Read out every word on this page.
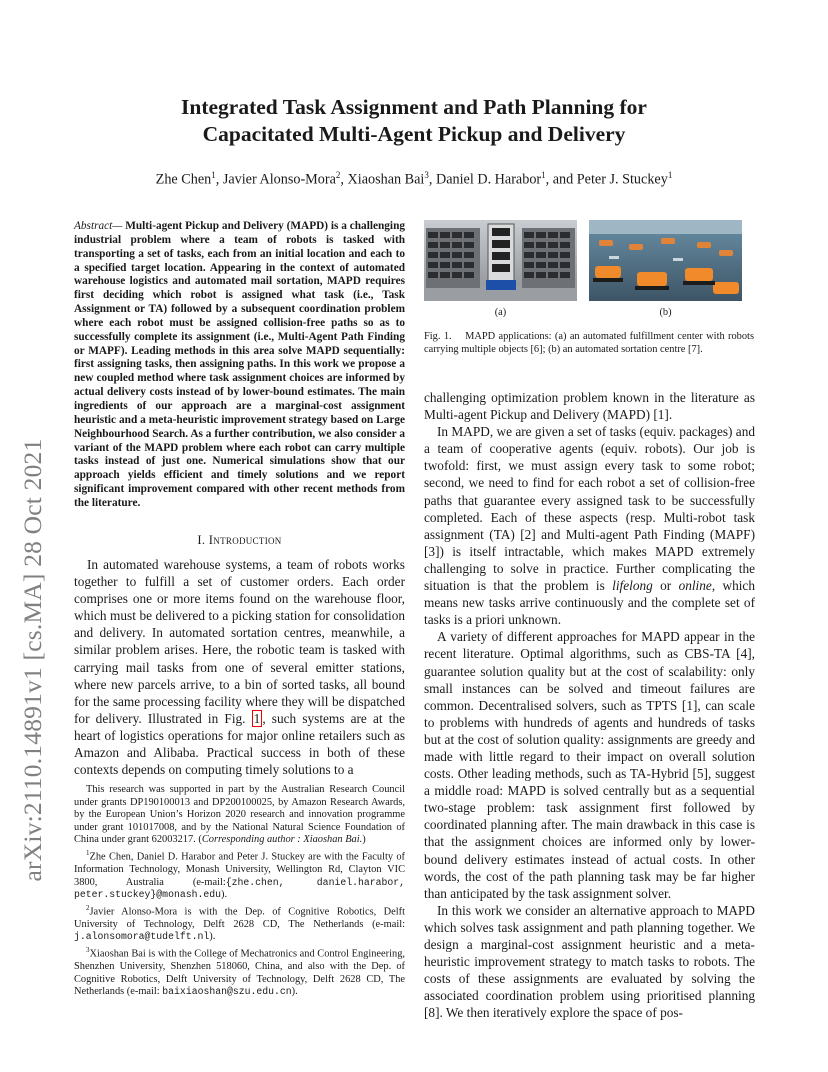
Integrated Task Assignment and Path Planning for
Capacitated Multi-Agent Pickup and Delivery
Zhe Chen$^1$, Javier Alonso-Mora$^2$, Xiaoshan Bai$^3$, Daniel D. Harabor$^1$, and Peter J. Stuckey$^1$
arXiv:2110.14891v1 [cs.MA] 28 Oct 2021
Abstract— Multi-agent Pickup and Delivery (MAPD) is a challenging industrial problem where a team of robots is tasked with transporting a set of tasks, each from an initial location and each to a specified target location. Appearing in the context of automated warehouse logistics and automated mail sortation, MAPD requires first deciding which robot is assigned what task (i.e., Task Assignment or TA) followed by a subsequent coordination problem where each robot must be assigned collision-free paths so as to successfully complete its assignment (i.e., Multi-Agent Path Finding or MAPF). Leading methods in this area solve MAPD sequentially: first assigning tasks, then assigning paths. In this work we propose a new coupled method where task assignment choices are informed by actual delivery costs instead of by lower-bound estimates. The main ingredients of our approach are a marginal-cost assignment heuristic and a meta-heuristic improvement strategy based on Large Neighbourhood Search. As a further contribution, we also consider a variant of the MAPD problem where each robot can carry multiple tasks instead of just one. Numerical simulations show that our approach yields efficient and timely solutions and we report significant improvement compared with other recent methods from the literature.
I. Introduction

In automated warehouse systems, a team of robots works together to fulfill a set of customer orders. Each order comprises one or more items found on the warehouse floor, which must be delivered to a picking station for consolidation and delivery. In automated sortation centres, meanwhile, a similar problem arises. Here, the robotic team is tasked with carrying mail tasks from one of several emitter stations, where new parcels arrive, to a bin of sorted tasks, all bound for the same processing facility where they will be dispatched for delivery. Illustrated in Fig. 1 , such systems are at the heart of logistics operations for major online retailers such as Amazon and Alibaba. Practical success in both of these contexts depends on computing timely solutions to a

This research was supported in part by the Australian Research Council under grants DP190100013 and DP200100025, by Amazon Research Awards, by the European Union’s Horizon 2020 research and innovation programme under grant 101017008, and by the National Natural Science Foundation of China under grant 62003217. (Corresponding author : Xiaoshan Bai.)

$^1$Zhe Chen, Daniel D. Harabor and Peter J. Stuckey are with the Faculty of Information Technology, Monash University, Wellington Rd, Clayton VIC 3800, Australia (e-mail:{zhe.chen, daniel.harabor, peter.stuckey}@monash.edu).

$^2$Javier Alonso-Mora is with the Dep. of Cognitive Robotics, Delft University of Technology, Delft 2628 CD, The Netherlands (e-mail: j.alonsomora@tudelft.nl).

$^3$Xiaoshan Bai is with the College of Mechatronics and Control Engineering, Shenzhen University, Shenzhen 518060, China, and also with the Dep. of Cognitive Robotics, Delft University of Technology, Delft 2628 CD, The Netherlands (e-mail: baixiaoshan@szu.edu.cn).

(a)	(b)
Fig. 1. MAPD applications: (a) an automated fulfillment center with robots carrying multiple objects [6]; (b) an automated sortation centre [7].

challenging optimization problem known in the literature as Multi-agent Pickup and Delivery (MAPD) [1].

In MAPD, we are given a set of tasks (equiv. packages) and a team of cooperative agents (equiv. robots). Our job is twofold: first, we must assign every task to some robot; second, we need to find for each robot a set of collision-free paths that guarantee every assigned task to be successfully completed. Each of these aspects (resp. Multi-robot task assignment (TA) [2] and Multi-agent Path Finding (MAPF) [3]) is itself intractable, which makes MAPD extremely challenging to solve in practice. Further complicating the situation is that the problem is lifelong or online, which means new tasks arrive continuously and the complete set of tasks is a priori unknown.

A variety of different approaches for MAPD appear in the recent literature. Optimal algorithms, such as CBS-TA [4], guarantee solution quality but at the cost of scalability: only small instances can be solved and timeout failures are common. Decentralised solvers, such as TPTS [1], can scale to problems with hundreds of agents and hundreds of tasks but at the cost of solution quality: assignments are greedy and made with little regard to their impact on overall solution costs. Other leading methods, such as TA-Hybrid [5], suggest a middle road: MAPD is solved centrally but as a sequential two-stage problem: task assignment first followed by coordinated planning after. The main drawback in this case is that the assignment choices are informed only by lower-bound delivery estimates instead of actual costs. In other words, the cost of the path planning task may be far higher than anticipated by the task assignment solver.

In this work we consider an alternative approach to MAPD which solves task assignment and path planning together. We design a marginal-cost assignment heuristic and a meta-heuristic improvement strategy to match tasks to robots. The costs of these assignments are evaluated by solving the associated coordination problem using prioritised planning [8]. We then iteratively explore the space of pos-
